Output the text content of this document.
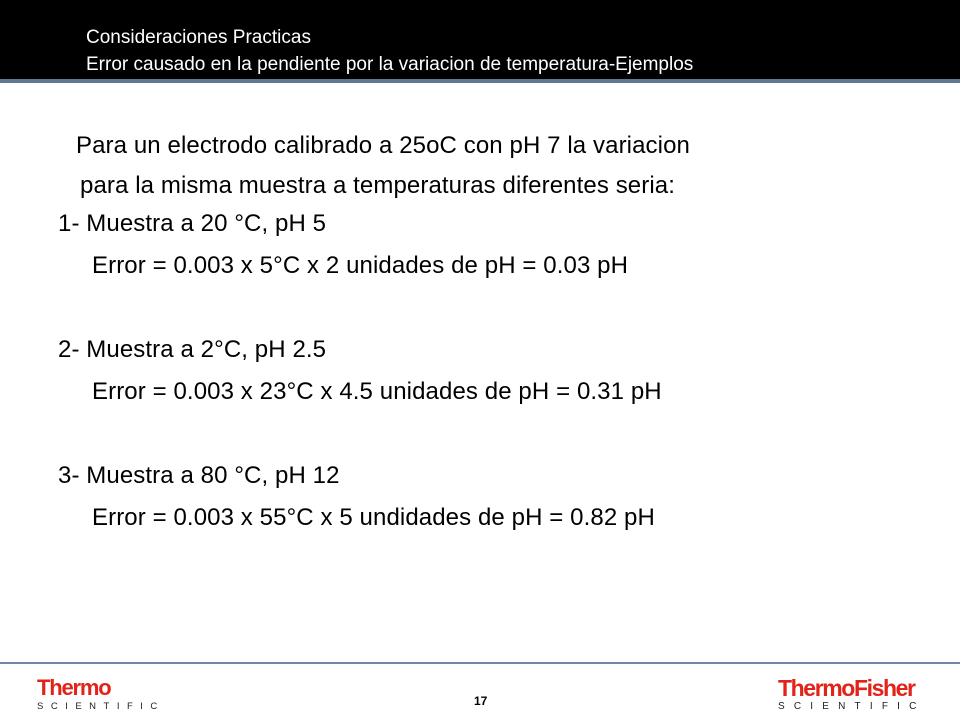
Consideraciones Practicas
Error causado en la pendiente por la variacion de temperatura-Ejemplos
Para un electrodo calibrado a 25oC con pH 7 la variacion
para la misma muestra a temperaturas diferentes seria:
1- Muestra a 20 °C, pH 5
Error = 0.003 x 5°C x 2 unidades de pH = 0.03 pH
2- Muestra a 2°C, pH 2.5
Error = 0.003 x 23°C x 4.5 unidades de pH = 0.31 pH
3- Muestra a 80 °C, pH 12
Error = 0.003 x 55°C x 5 undidades de pH = 0.82 pH
Thermo
SCIENTIFIC	17	ThermoFisher
SCIENTIFIC
